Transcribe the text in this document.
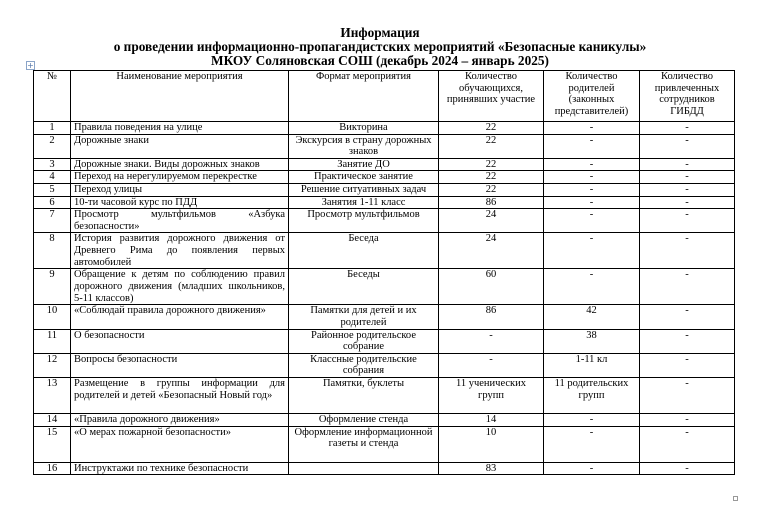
Информация
о проведении информационно-пропагандистских мероприятий «Безопасные каникулы»
МКОУ Соляновская СОШ (декабрь 2024 – январь 2025)
+
№	Наименование мероприятия	Формат мероприятия	Количество обучающихся, принявших участие	Количество родителей (законных представителей)	Количество привлеченных сотрудников ГИБДД
1	Правила поведения на улице	Викторина	22	-	-
2	Дорожные знаки	Экскурсия в страну дорожных знаков	22	-	-
3	Дорожные знаки. Виды дорожных знаков	Занятие ДО	22	-	-
4	Переход на нерегулируемом перекрестке	Практическое занятие	22	-	-
5	Переход улицы	Решение ситуативных задач	22	-	-
6	10-ти часовой курс по ПДД	Занятия 1-11 класс	86	-	-
7	Просмотр мультфильмов «Азбука безопасности»	Просмотр мультфильмов	24	-	-
8	История развития дорожного движения от Древнего Рима до появления первых автомобилей	Беседа	24	-	-
9	Обращение к детям по соблюдению правил дорожного движения (младших школьников, 5-11 классов)	Беседы	60	-	-
10	«Соблюдай правила дорожного движения»	Памятки для детей и их родителей	86	42	-
11	О безопасности	Районное родительское собрание	-	38	-
12	Вопросы безопасности	Классные родительские собрания	-	1-11 кл	-
13	Размещение в группы информации для родителей и детей «Безопасный Новый год»	Памятки, буклеты	11 ученических групп	11 родительских групп	-
14	«Правила дорожного движения»	Оформление стенда	14	-	-
15	«О мерах пожарной безопасности»	Оформление информационной газеты и стенда	10	-	-
16	Инструктажи по технике безопасности		83	-	-
